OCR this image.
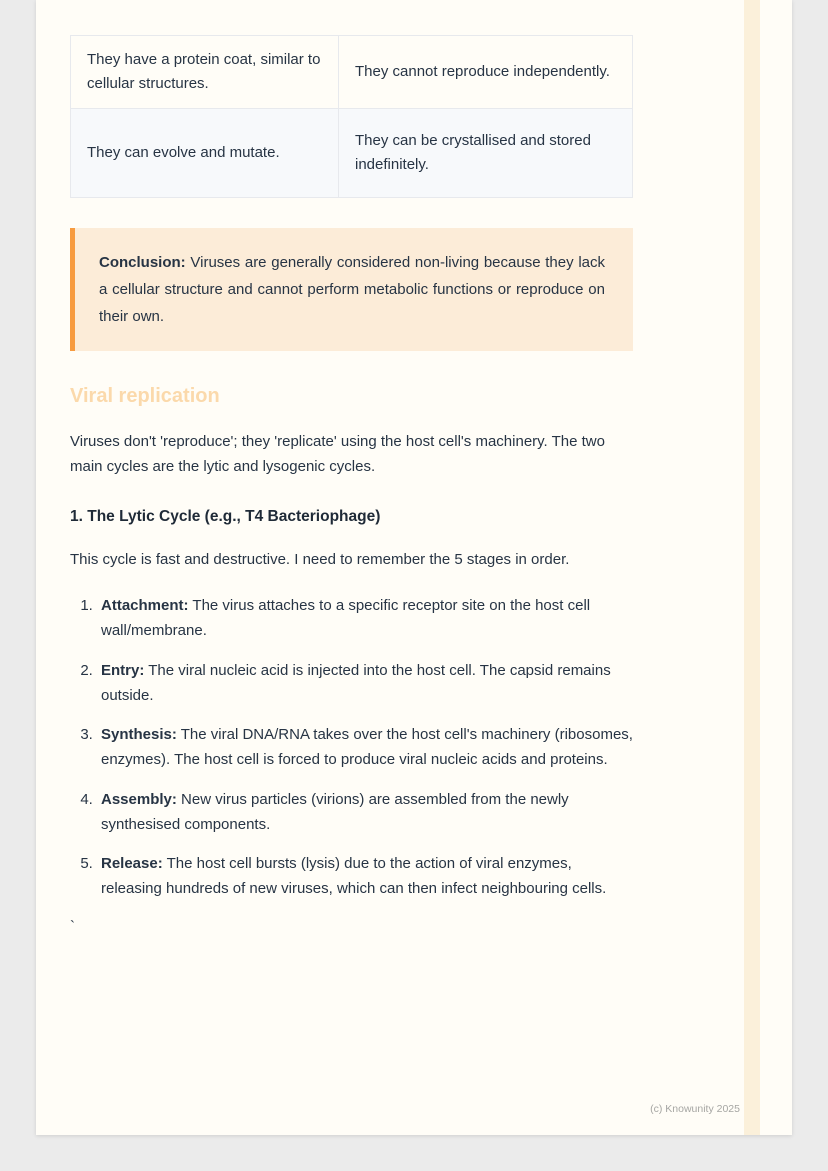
They have a protein coat, similar to cellular structures.	They cannot reproduce independently.
They can evolve and mutate.	They can be crystallised and stored indefinitely.

Conclusion: Viruses are generally considered non-living because they lack a cellular structure and cannot perform metabolic functions or reproduce on their own.

Viral replication

Viruses don't 'reproduce'; they 'replicate' using the host cell's machinery. The two main cycles are the lytic and lysogenic cycles.

1. The Lytic Cycle (e.g., T4 Bacteriophage)

This cycle is fast and destructive. I need to remember the 5 stages in order.

1. Attachment: The virus attaches to a specific receptor site on the host cell wall/membrane.
2. Entry: The viral nucleic acid is injected into the host cell. The capsid remains outside.
3. Synthesis: The viral DNA/RNA takes over the host cell's machinery (ribosomes, enzymes). The host cell is forced to produce viral nucleic acids and proteins.
4. Assembly: New virus particles (virions) are assembled from the newly synthesised components.
5. Release: The host cell bursts (lysis) due to the action of viral enzymes, releasing hundreds of new viruses, which can then infect neighbouring cells.

`

(c) Knowunity 2025
